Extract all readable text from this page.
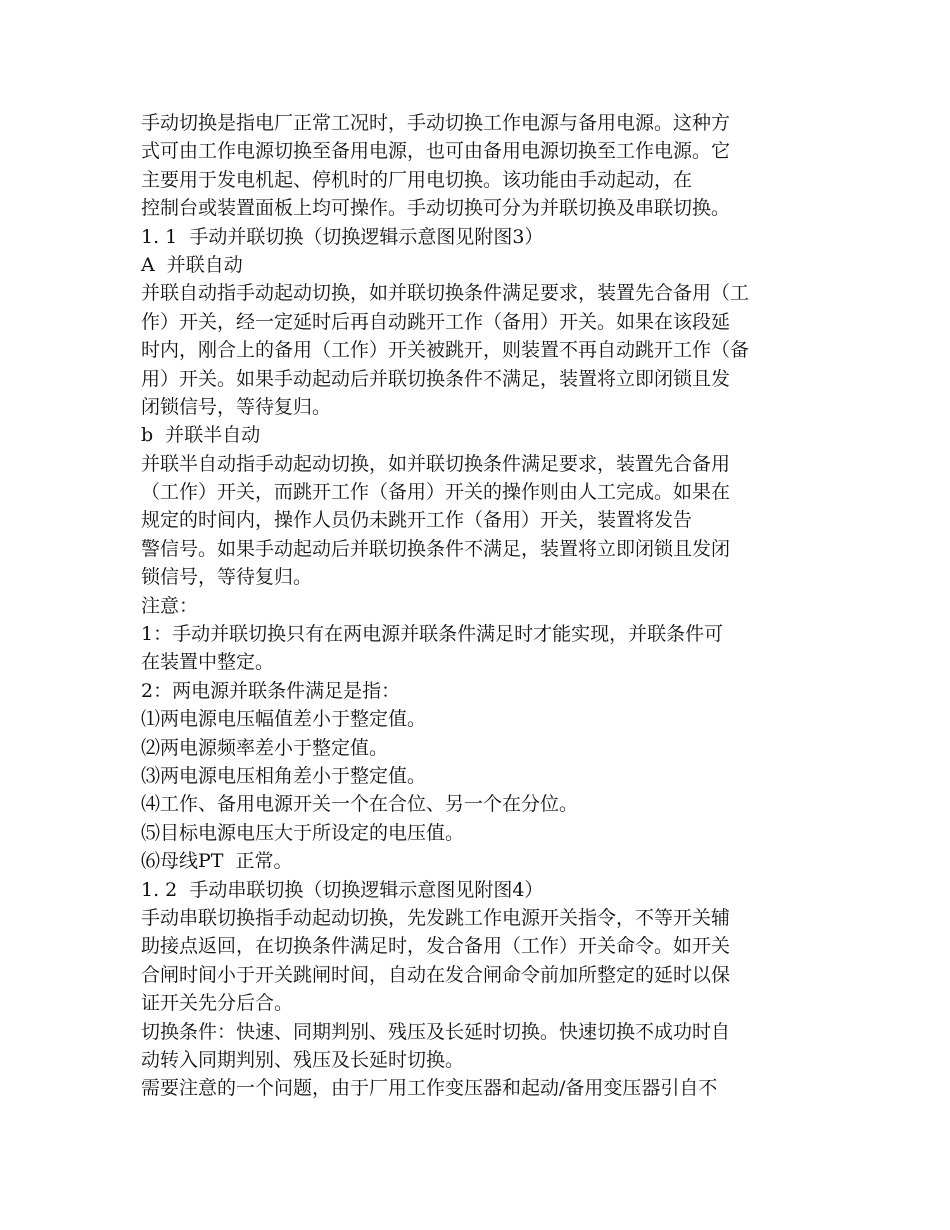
手动切换是指电厂正常工况时，手动切换工作电源与备用电源。这种方
式可由工作电源切换至备用电源，也可由备用电源切换至工作电源。它
主要用于发电机起、停机时的厂用电切换。该功能由手动起动，在
控制台或装置面板上均可操作。手动切换可分为并联切换及串联切换。
1. 1  手动并联切换（切换逻辑示意图见附图3）
A  并联自动
并联自动指手动起动切换，如并联切换条件满足要求，装置先合备用（工
作）开关，经一定延时后再自动跳开工作（备用）开关。如果在该段延
时内，刚合上的备用（工作）开关被跳开，则装置不再自动跳开工作（备
用）开关。如果手动起动后并联切换条件不满足，装置将立即闭锁且发
闭锁信号，等待复归。
b  并联半自动
并联半自动指手动起动切换，如并联切换条件满足要求，装置先合备用
（工作）开关，而跳开工作（备用）开关的操作则由人工完成。如果在
规定的时间内，操作人员仍未跳开工作（备用）开关，装置将发告
警信号。如果手动起动后并联切换条件不满足，装置将立即闭锁且发闭
锁信号，等待复归。
注意：
1：手动并联切换只有在两电源并联条件满足时才能实现，并联条件可
在装置中整定。
2：两电源并联条件满足是指：
⑴两电源电压幅值差小于整定值。
⑵两电源频率差小于整定值。
⑶两电源电压相角差小于整定值。
⑷工作、备用电源开关一个在合位、另一个在分位。
⑸目标电源电压大于所设定的电压值。
⑹母线PT  正常。
1. 2  手动串联切换（切换逻辑示意图见附图4）
手动串联切换指手动起动切换，先发跳工作电源开关指令，不等开关辅
助接点返回，在切换条件满足时，发合备用（工作）开关命令。如开关
合闸时间小于开关跳闸时间，自动在发合闸命令前加所整定的延时以保
证开关先分后合。
切换条件：快速、同期判别、残压及长延时切换。快速切换不成功时自
动转入同期判别、残压及长延时切换。
需要注意的一个问题，由于厂用工作变压器和起动/备用变压器引自不
